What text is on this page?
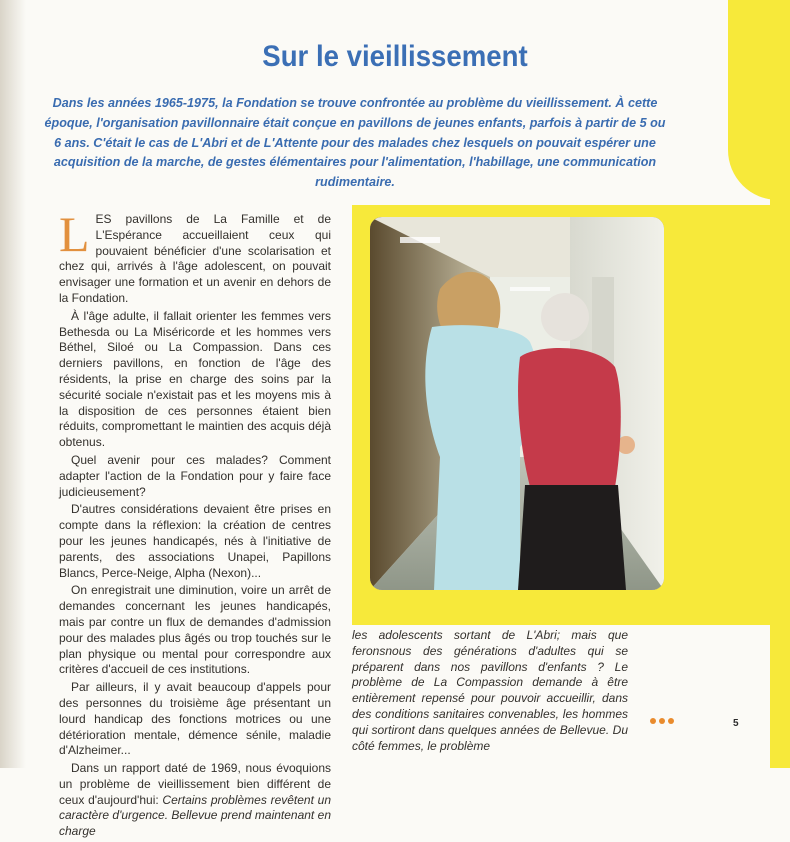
Sur le vieillissement

Dans les années 1965-1975, la Fondation se trouve confrontée au problème du vieillissement. À cette époque, l'organisation pavillonnaire était conçue en pavillons de jeunes enfants, parfois à partir de 5 ou 6 ans. C'était le cas de L'Abri et de L'Attente pour des malades chez lesquels on pouvait espérer une acquisition de la marche, de gestes élémentaires pour l'alimentation, l'habillage, une communication rudimentaire.

LES pavillons de La Famille et de L'Espérance accueillaient ceux qui pouvaient bénéficier d'une scolarisation et chez qui, arrivés à l'âge adolescent, on pouvait envisager une formation et un avenir en dehors de la Fondation.

À l'âge adulte, il fallait orienter les femmes vers Bethesda ou La Miséricorde et les hommes vers Béthel, Siloé ou La Compassion. Dans ces derniers pavillons, en fonction de l'âge des résidents, la prise en charge des soins par la sécurité sociale n'existait pas et les moyens mis à la disposition de ces personnes étaient bien réduits, compromettant le maintien des acquis déjà obtenus.

Quel avenir pour ces malades? Comment adapter l'action de la Fondation pour y faire face judicieusement?

D'autres considérations devaient être prises en compte dans la réflexion: la création de centres pour les jeunes handicapés, nés à l'initiative de parents, des associations Unapei, Papillons Blancs, Perce-Neige, Alpha (Nexon)...

On enregistrait une diminution, voire un arrêt de demandes concernant les jeunes handicapés, mais par contre un flux de demandes d'admission pour des malades plus âgés ou trop touchés sur le plan physique ou mental pour correspondre aux critères d'accueil de ces institutions.

Par ailleurs, il y avait beaucoup d'appels pour des personnes du troisième âge présentant un lourd handicap des fonctions motrices ou une détérioration mentale, démence sénile, maladie d'Alzheimer...

Dans un rapport daté de 1969, nous évoquions un problème de vieillissement bien différent de ceux d'aujourd'hui: Certains problèmes revêtent un caractère d'urgence. Bellevue prend maintenant en charge

les adolescents sortant de L'Abri; mais que feronsnous des générations d'adultes qui se préparent dans nos pavillons d'enfants ? Le problème de La Compassion demande à être entièrement repensé pour pouvoir accueillir, dans des conditions sanitaires convenables, les hommes qui sortiront dans quelques années de Bellevue. Du côté femmes, le problème

5
